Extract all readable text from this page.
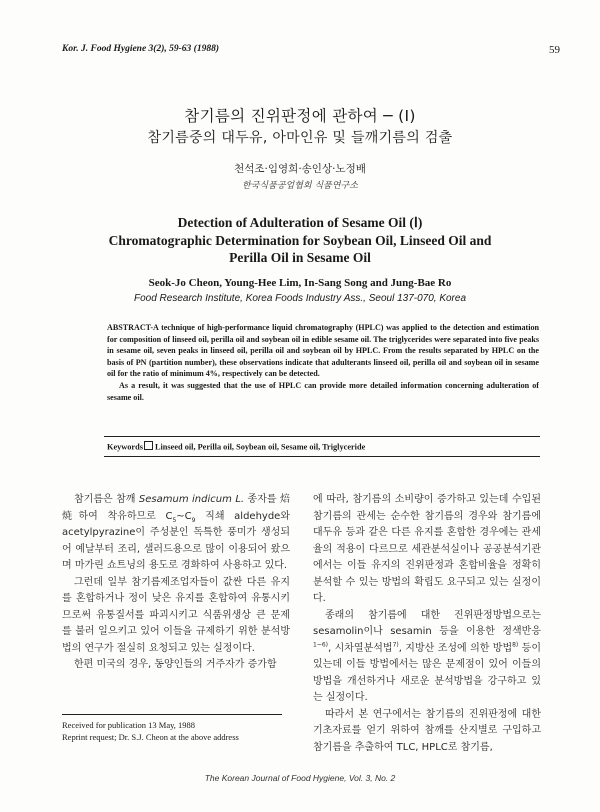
Kor. J. Food Hygiene 3(2), 59-63 (1988)	59
참기름의 진위판정에 관하여 ─ (Ⅰ)
참기름중의 대두유, 아마인유 및 들깨기름의 검출
천석조·임영희·송인상·노정배
한국식품공업협회 식품연구소
Detection of Adulteration of Sesame Oil (Ⅰ)
Chromatographic Determination for Soybean Oil, Linseed Oil and
Perilla Oil in Sesame Oil
Seok-Jo Cheon, Young-Hee Lim, In-Sang Song and Jung-Bae Ro
Food Research Institute, Korea Foods Industry Ass., Seoul 137-070, Korea

ABSTRACT-A technique of high-performance liquid chromatography (HPLC) was applied to the detection and estimation for composition of linseed oil, perilla oil and soybean oil in edible sesame oil. The triglycerides were separated into five peaks in sesame oil, seven peaks in linseed oil, perilla oil and soybean oil by HPLC. From the results separated by HPLC on the basis of PN (partition number), these observations indicate that adulterants linseed oil, perilla oil and soybean oil in sesame oil for the ratio of minimum 4%, respectively can be detected.

As a result, it was suggested that the use of HPLC can provide more detailed information concerning adulteration of sesame oil.

Keywords Linseed oil, Perilla oil, Soybean oil, Sesame oil, Triglyceride

참기름은 참깨 Sesamum indicum L. 종자를 焙焼하여 착유하므로 $C_5\sim C_9$ 직쇄 aldehyde와 acetylpyrazine이 주성분인 독특한 풍미가 생성되어 예날부터 조리, 샐러드용으로 많이 이용되어 왔으며 마가린 쇼트닝의 용도로 경화하여 사용하고 있다.

그런데 일부 참기름제조업자들이 값싼 다른 유지를 혼합하거나 정이 낮은 유지를 혼합하여 유통시키므로써 유통질서를 파괴시키고 식품위생상 큰 문제를 불러 일으키고 있어 이들을 규제하기 위한 분석방법의 연구가 절실히 요청되고 있는 실정이다.

한편 미국의 경우, 동양인들의 거주자가 증가함

에 따라, 참기름의 소비량이 증가하고 있는데 수입된 참기름의 관세는 순수한 참기름의 경우와 참기름에 대두유 등과 같은 다른 유지를 혼합한 경우에는 관세율의 적용이 다르므로 세관분석실이나 공공분석기관에서는 이들 유지의 진위판정과 혼합비율을 정확히 분석할 수 있는 방법의 확립도 요구되고 있는 실정이다.

종래의 참기름에 대한 진위판정방법으로는 sesamolin이나 sesamin 등을 이용한 정색반응$^{1\sim 6)}$, 시차열분석법$^{7)}$, 지방산 조성에 의한 방법$^{8)}$ 등이 있는데 이들 방법에서는 많은 문제점이 있어 이들의 방법을 개선하거나 새로운 분석방법을 강구하고 있는 실정이다.

따라서 본 연구에서는 참기름의 진위판정에 대한 기초자료를 얻기 위하여 참깨를 산지별로 구입하고 참기름을 추출하여 TLC, HPLC로 참기름,

Received for publication 13 May, 1988
Reprint request; Dr. S.J. Cheon at the above address
The Korean Journal of Food Hygiene, Vol. 3, No. 2
